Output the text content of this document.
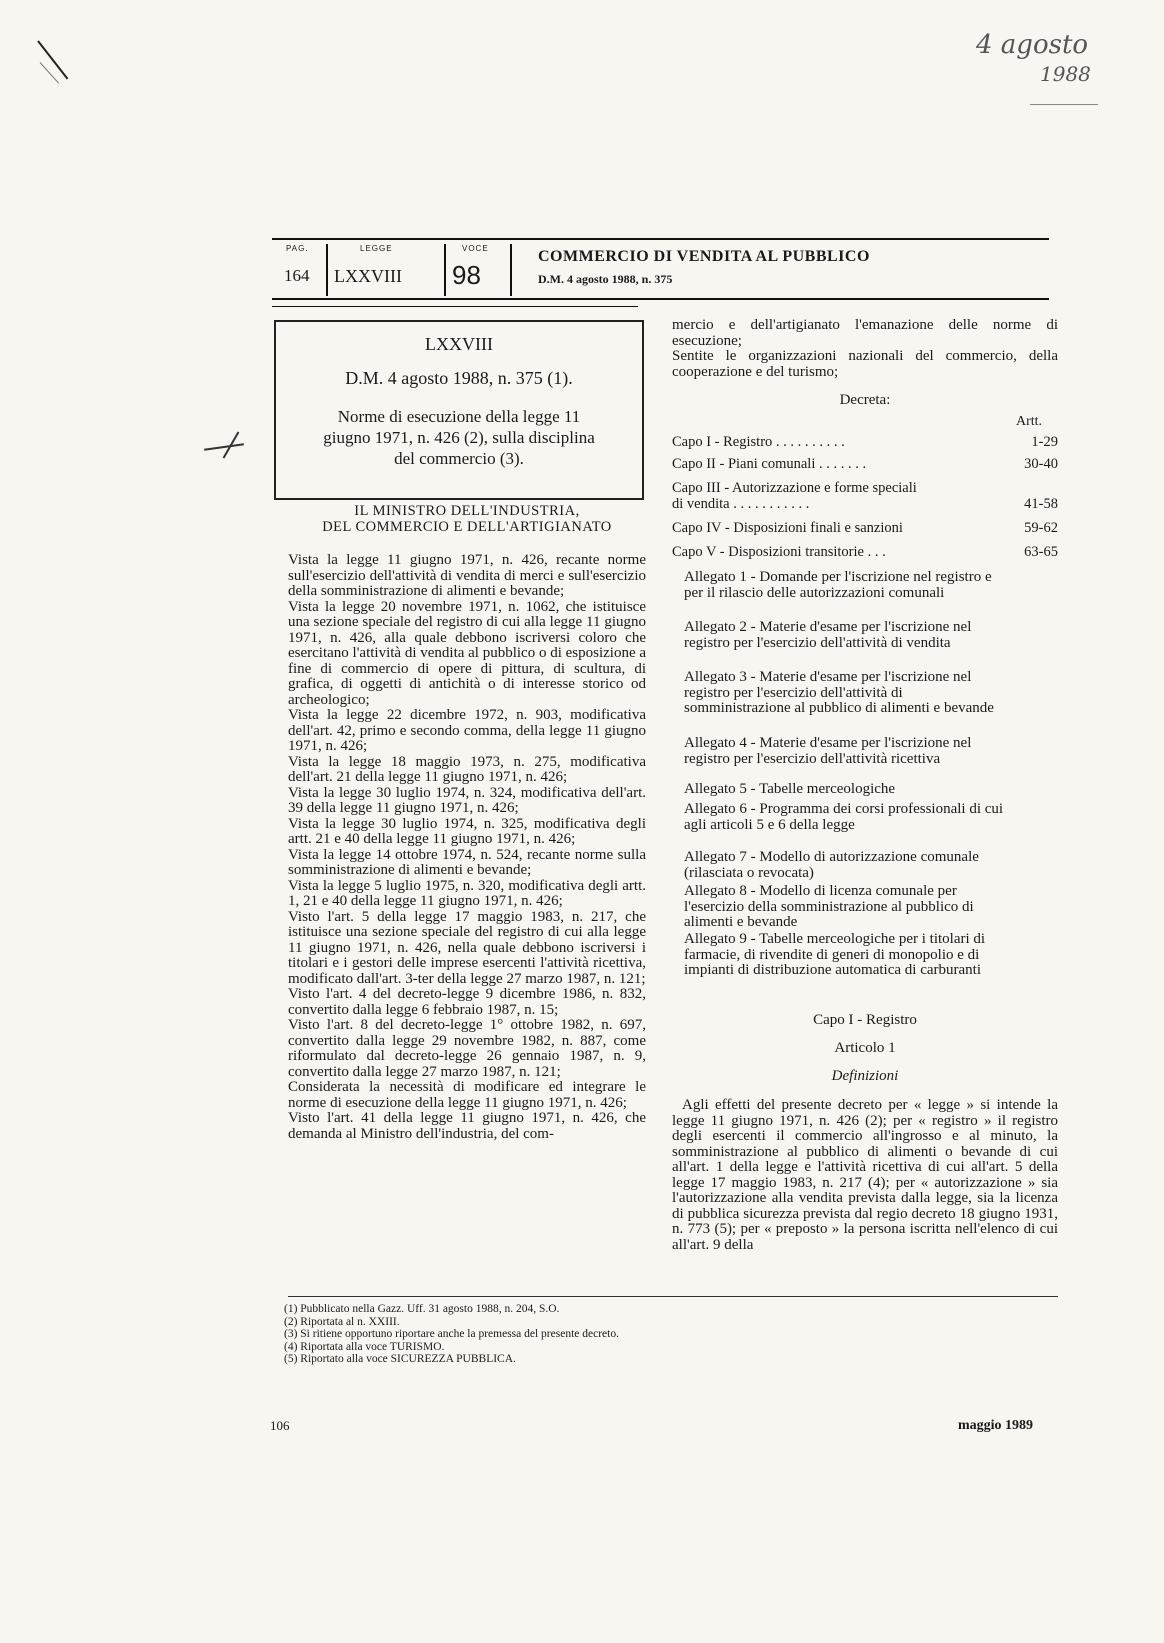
4 agosto
1988
PAG.
164
LEGGE
LXXVIII
VOCE
98
COMMERCIO DI VENDITA AL PUBBLICO
D.M. 4 agosto 1988, n. 375
LXXVIII
D.M. 4 agosto 1988, n. 375 (1).
Norme di esecuzione della legge 11
giugno 1971, n. 426 (2), sulla disciplina
del commercio (3).
IL MINISTRO DELL'INDUSTRIA,
DEL COMMERCIO E DELL'ARTIGIANATO

Vista la legge 11 giugno 1971, n. 426, recante norme sull'esercizio dell'attività di vendita di merci e sull'esercizio della somministrazione di alimenti e bevande;

Vista la legge 20 novembre 1971, n. 1062, che istituisce una sezione speciale del registro di cui alla legge 11 giugno 1971, n. 426, alla quale debbono iscriversi coloro che esercitano l'attività di vendita al pubblico o di esposizione a fine di commercio di opere di pittura, di scultura, di grafica, di oggetti di antichità o di interesse storico od archeologico;

Vista la legge 22 dicembre 1972, n. 903, modificativa dell'art. 42, primo e secondo comma, della legge 11 giugno 1971, n. 426;

Vista la legge 18 maggio 1973, n. 275, modificativa dell'art. 21 della legge 11 giugno 1971, n. 426;

Vista la legge 30 luglio 1974, n. 324, modificativa dell'art. 39 della legge 11 giugno 1971, n. 426;

Vista la legge 30 luglio 1974, n. 325, modificativa degli artt. 21 e 40 della legge 11 giugno 1971, n. 426;

Vista la legge 14 ottobre 1974, n. 524, recante norme sulla somministrazione di alimenti e bevande;

Vista la legge 5 luglio 1975, n. 320, modificativa degli artt. 1, 21 e 40 della legge 11 giugno 1971, n. 426;

Visto l'art. 5 della legge 17 maggio 1983, n. 217, che istituisce una sezione speciale del registro di cui alla legge 11 giugno 1971, n. 426, nella quale debbono iscriversi i titolari e i gestori delle imprese esercenti l'attività ricettiva, modificato dall'art. 3-ter della legge 27 marzo 1987, n. 121;

Visto l'art. 4 del decreto-legge 9 dicembre 1986, n. 832, convertito dalla legge 6 febbraio 1987, n. 15;

Visto l'art. 8 del decreto-legge 1° ottobre 1982, n. 697, convertito dalla legge 29 novembre 1982, n. 887, come riformulato dal decreto-legge 26 gennaio 1987, n. 9, convertito dalla legge 27 marzo 1987, n. 121;

Considerata la necessità di modificare ed integrare le norme di esecuzione della legge 11 giugno 1971, n. 426;

Visto l'art. 41 della legge 11 giugno 1971, n. 426, che demanda al Ministro dell'industria, del com-

mercio e dell'artigianato l'emanazione delle norme di esecuzione;

Sentite le organizzazioni nazionali del commercio, della cooperazione e del turismo;

Decreta:
Artt.
Capo I - Registro . . . . . . . . . .	1-29
Capo II - Piani comunali . . . . . . .	30-40
Capo III - Autorizzazione e forme speciali
di vendita . . . . . . . . . . .	41-58
Capo IV - Disposizioni finali e sanzioni	59-62
Capo V - Disposizioni transitorie . . .	63-65
Allegato 1 - Domande per l'iscrizione nel registro e per il rilascio delle autorizzazioni comunali
Allegato 2 - Materie d'esame per l'iscrizione nel registro per l'esercizio dell'attività di vendita
Allegato 3 - Materie d'esame per l'iscrizione nel registro per l'esercizio dell'attività di somministrazione al pubblico di alimenti e bevande
Allegato 4 - Materie d'esame per l'iscrizione nel registro per l'esercizio dell'attività ricettiva
Allegato 5 - Tabelle merceologiche
Allegato 6 - Programma dei corsi professionali di cui agli articoli 5 e 6 della legge
Allegato 7 - Modello di autorizzazione comunale (rilasciata o revocata)
Allegato 8 - Modello di licenza comunale per l'esercizio della somministrazione al pubblico di alimenti e bevande
Allegato 9 - Tabelle merceologiche per i titolari di farmacie, di rivendite di generi di monopolio e di impianti di distribuzione automatica di carburanti
Capo I - Registro
Articolo 1
Definizioni
Agli effetti del presente decreto per « legge » si intende la legge 11 giugno 1971, n. 426 (2); per « registro » il registro degli esercenti il commercio all'ingrosso e al minuto, la somministrazione al pubblico di alimenti o bevande di cui all'art. 1 della legge e l'attività ricettiva di cui all'art. 5 della legge 17 maggio 1983, n. 217 (4); per « autorizzazione » sia l'autorizzazione alla vendita prevista dalla legge, sia la licenza di pubblica sicurezza prevista dal regio decreto 18 giugno 1931, n. 773 (5); per « preposto » la persona iscritta nell'elenco di cui all'art. 9 della

(1) Pubblicato nella Gazz. Uff. 31 agosto 1988, n. 204, S.O.

(2) Riportata al n. XXIII.

(3) Si ritiene opportuno riportare anche la premessa del presente decreto.

(4) Riportata alla voce TURISMO.

(5) Riportato alla voce SICUREZZA PUBBLICA.

106	maggio 1989
